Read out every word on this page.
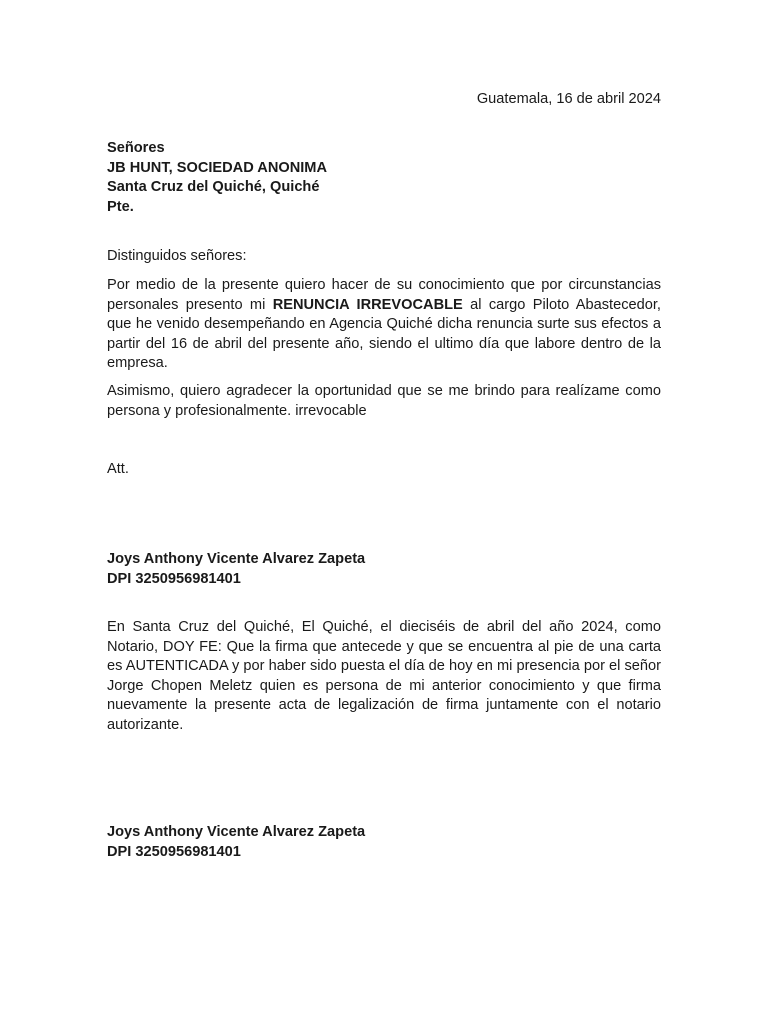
Guatemala, 16 de abril 2024

Señores

JB HUNT, SOCIEDAD ANONIMA

Santa Cruz del Quiché, Quiché

Pte.

Distinguidos señores:
Por medio de la presente quiero hacer de su conocimiento que por circunstancias personales presento mi RENUNCIA IRREVOCABLE al cargo Piloto Abastecedor, que he venido desempeñando en Agencia Quiché dicha renuncia surte sus efectos a partir del 16 de abril del presente año, siendo el ultimo día que labore dentro de la empresa.
Asimismo, quiero agradecer la oportunidad que se me brindo para realízame como persona y profesionalmente. irrevocable
Att.

Joys Anthony Vicente Alvarez Zapeta

DPI 3250956981401

En Santa Cruz del Quiché, El Quiché, el dieciséis de abril del año 2024, como Notario, DOY FE: Que la firma que antecede y que se encuentra al pie de una carta es AUTENTICADA y por haber sido puesta el día de hoy en mi presencia por el señor Jorge Chopen Meletz quien es persona de mi anterior conocimiento y que firma nuevamente la presente acta de legalización de firma juntamente con el notario autorizante.

Joys Anthony Vicente Alvarez Zapeta

DPI 3250956981401
